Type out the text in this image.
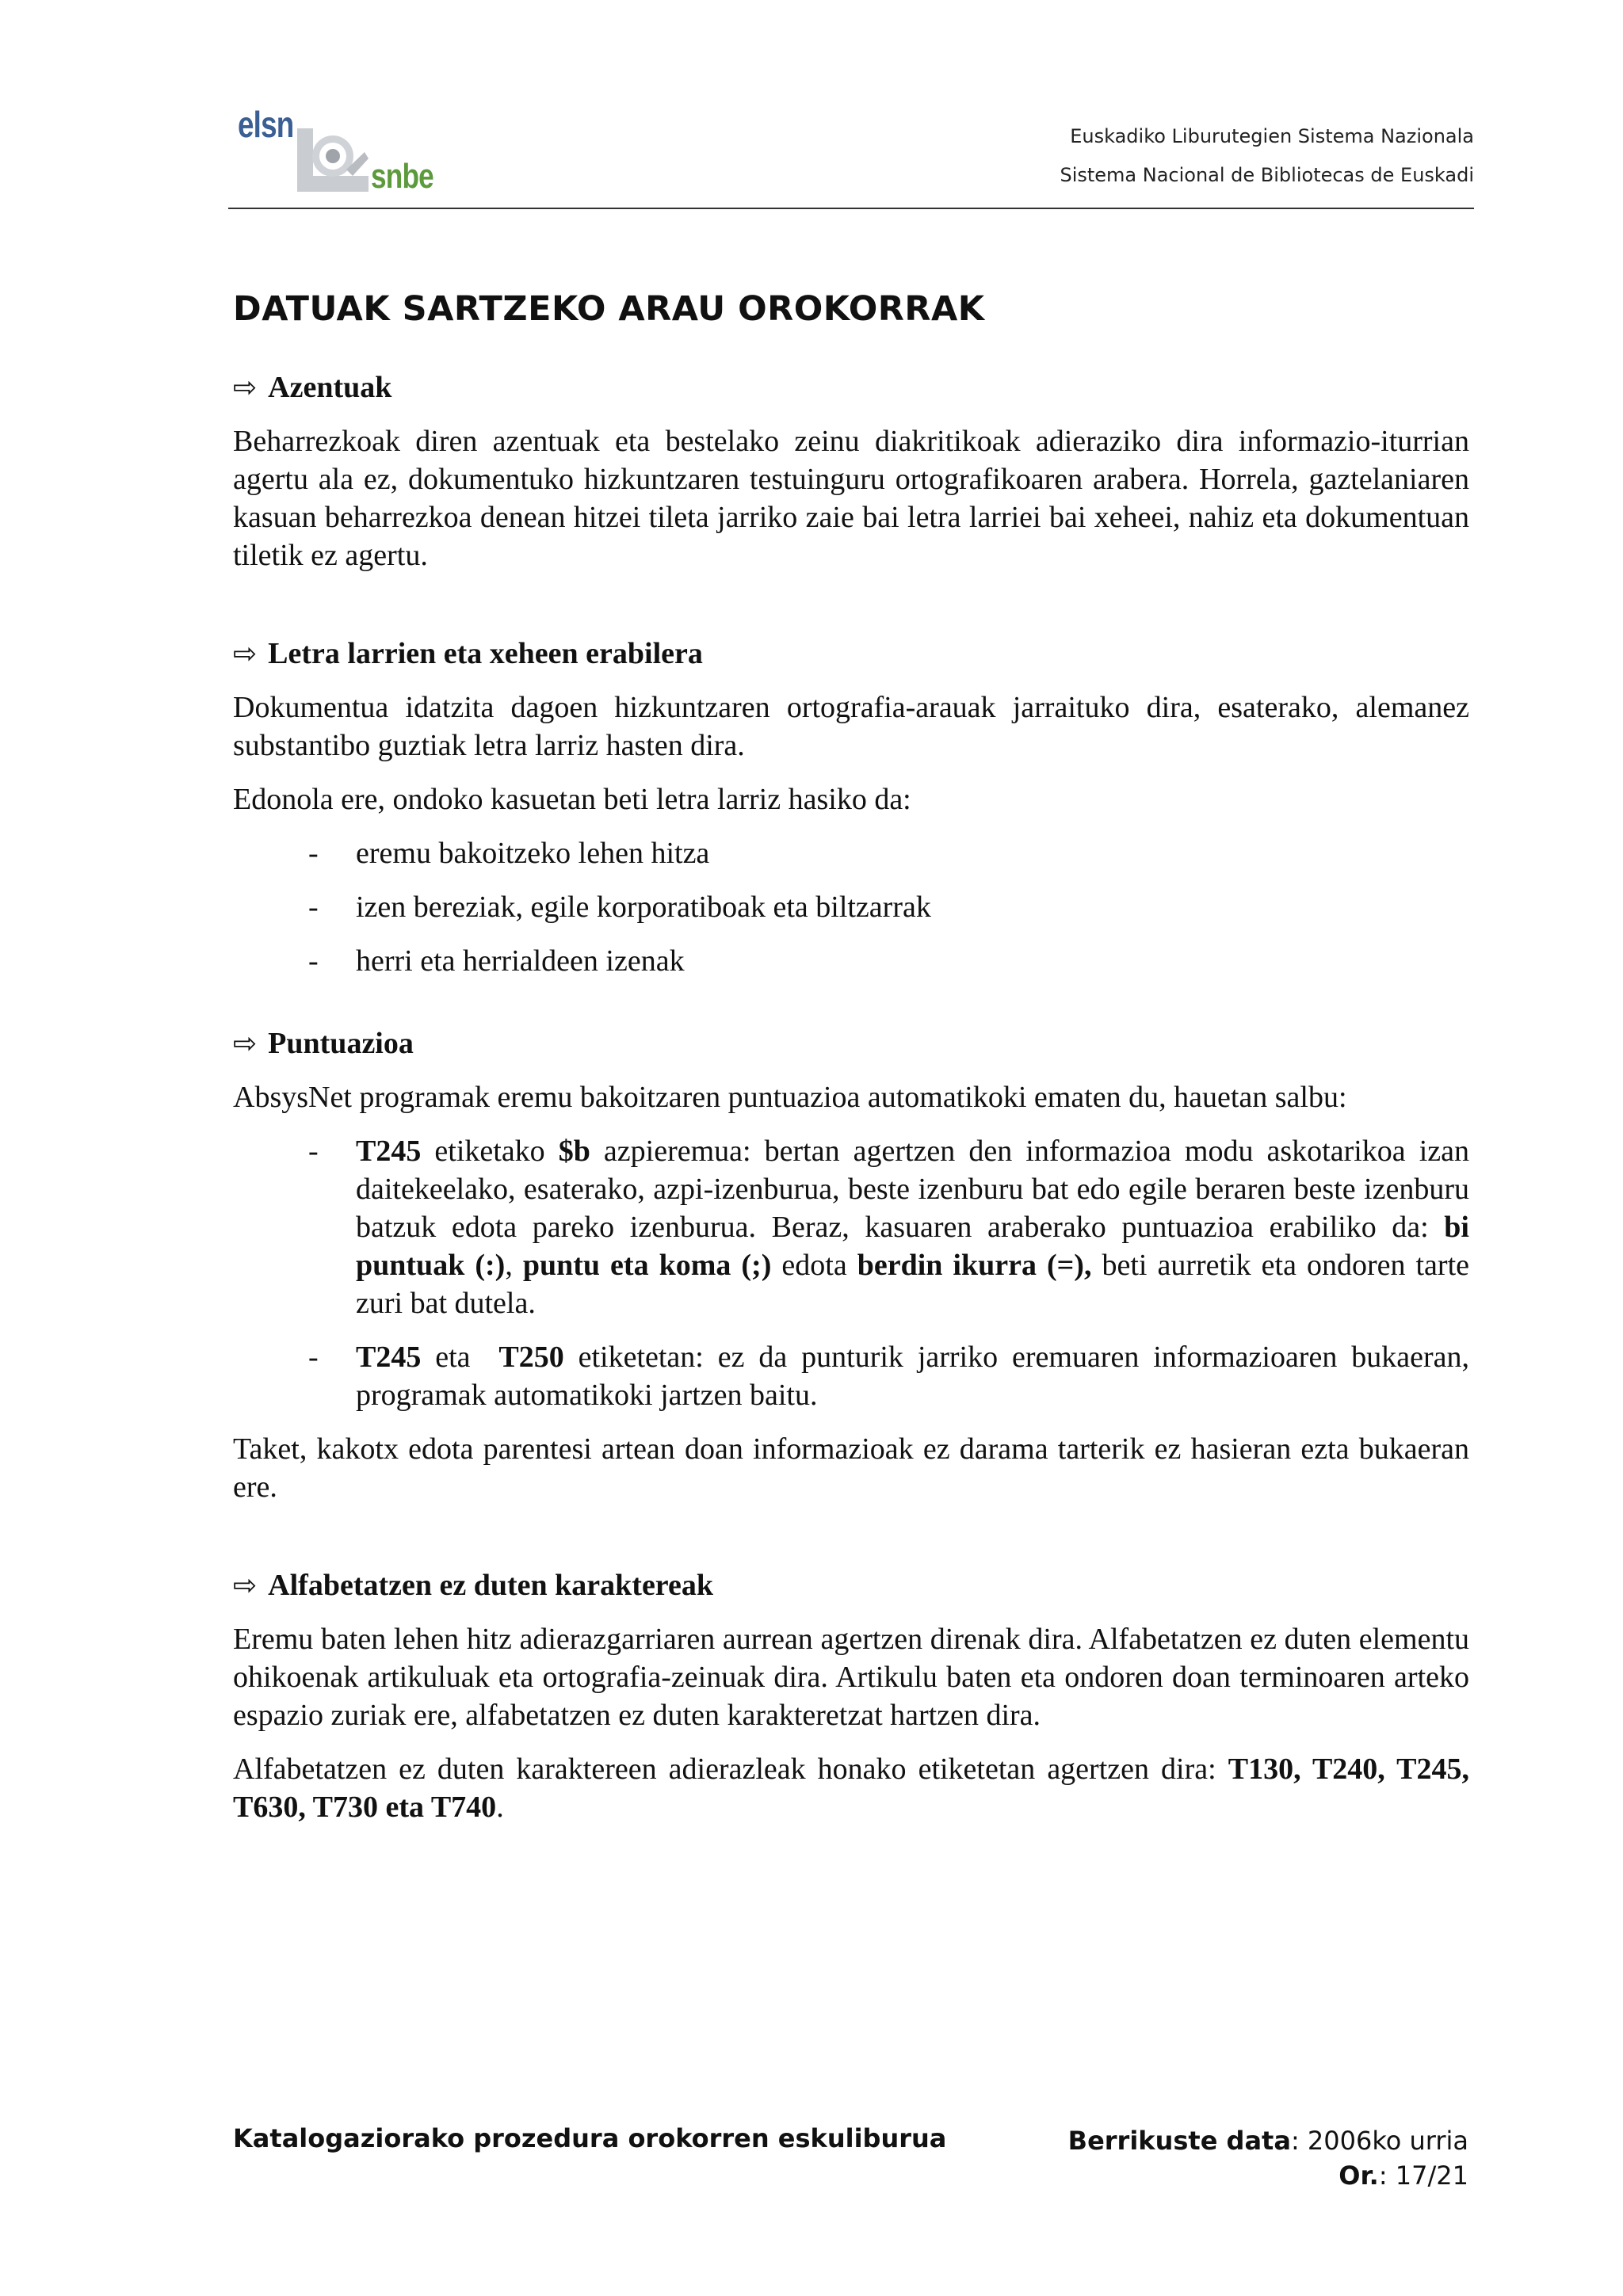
elsn
snbe
Euskadiko Liburutegien Sistema Nazionala
Sistema Nacional de Bibliotecas de Euskadi
DATUAK SARTZEKO ARAU OROKORRAK
⇨ Azentuak

Beharrezkoak diren azentuak eta bestelako zeinu diakritikoak adieraziko dira informazio-iturrian agertu ala ez, dokumentuko hizkuntzaren testuinguru ortografikoaren arabera. Horrela, gaztelaniaren kasuan beharrezkoa denean hitzei tileta jarriko zaie bai letra larriei bai xeheei, nahiz eta dokumentuan tiletik ez agertu.

⇨ Letra larrien eta xeheen erabilera

Dokumentua idatzita dagoen hizkuntzaren ortografia-arauak jarraituko dira, esaterako, alemanez substantibo guztiak letra larriz hasten dira.

Edonola ere, ondoko kasuetan beti letra larriz hasiko da:

-	eremu bakoitzeko lehen hitza
-	izen bereziak, egile korporatiboak eta biltzarrak
-	herri eta herrialdeen izenak
⇨ Puntuazioa

AbsysNet programak eremu bakoitzaren puntuazioa automatikoki ematen du, hauetan salbu:

-	T245 etiketako $b azpieremua: bertan agertzen den informazioa modu askotarikoa izan daitekeelako, esaterako, azpi-izenburua, beste izenburu bat edo egile beraren beste izenburu batzuk edota pareko izenburua. Beraz, kasuaren araberako puntuazioa erabiliko da: bi puntuak (:), puntu eta koma (;) edota berdin ikurra (=), beti aurretik eta ondoren tarte zuri bat dutela.
-	T245 eta  T250 etiketetan: ez da punturik jarriko eremuaren informazioaren bukaeran, programak automatikoki jartzen baitu.

Taket, kakotx edota parentesi artean doan informazioak ez darama tarterik ez hasieran ezta bukaeran ere.

⇨ Alfabetatzen ez duten karaktereak

Eremu baten lehen hitz adierazgarriaren aurrean agertzen direnak dira. Alfabetatzen ez duten elementu ohikoenak artikuluak eta ortografia-zeinuak dira. Artikulu baten eta ondoren doan terminoaren arteko espazio zuriak ere, alfabetatzen ez duten karakteretzat hartzen dira.

Alfabetatzen ez duten karaktereen adierazleak honako etiketetan agertzen dira: T130, T240, T245, T630, T730 eta T740.

Katalogaziorako prozedura orokorren eskuliburua	Berrikuste data: 2006ko urria
Or.: 17/21
